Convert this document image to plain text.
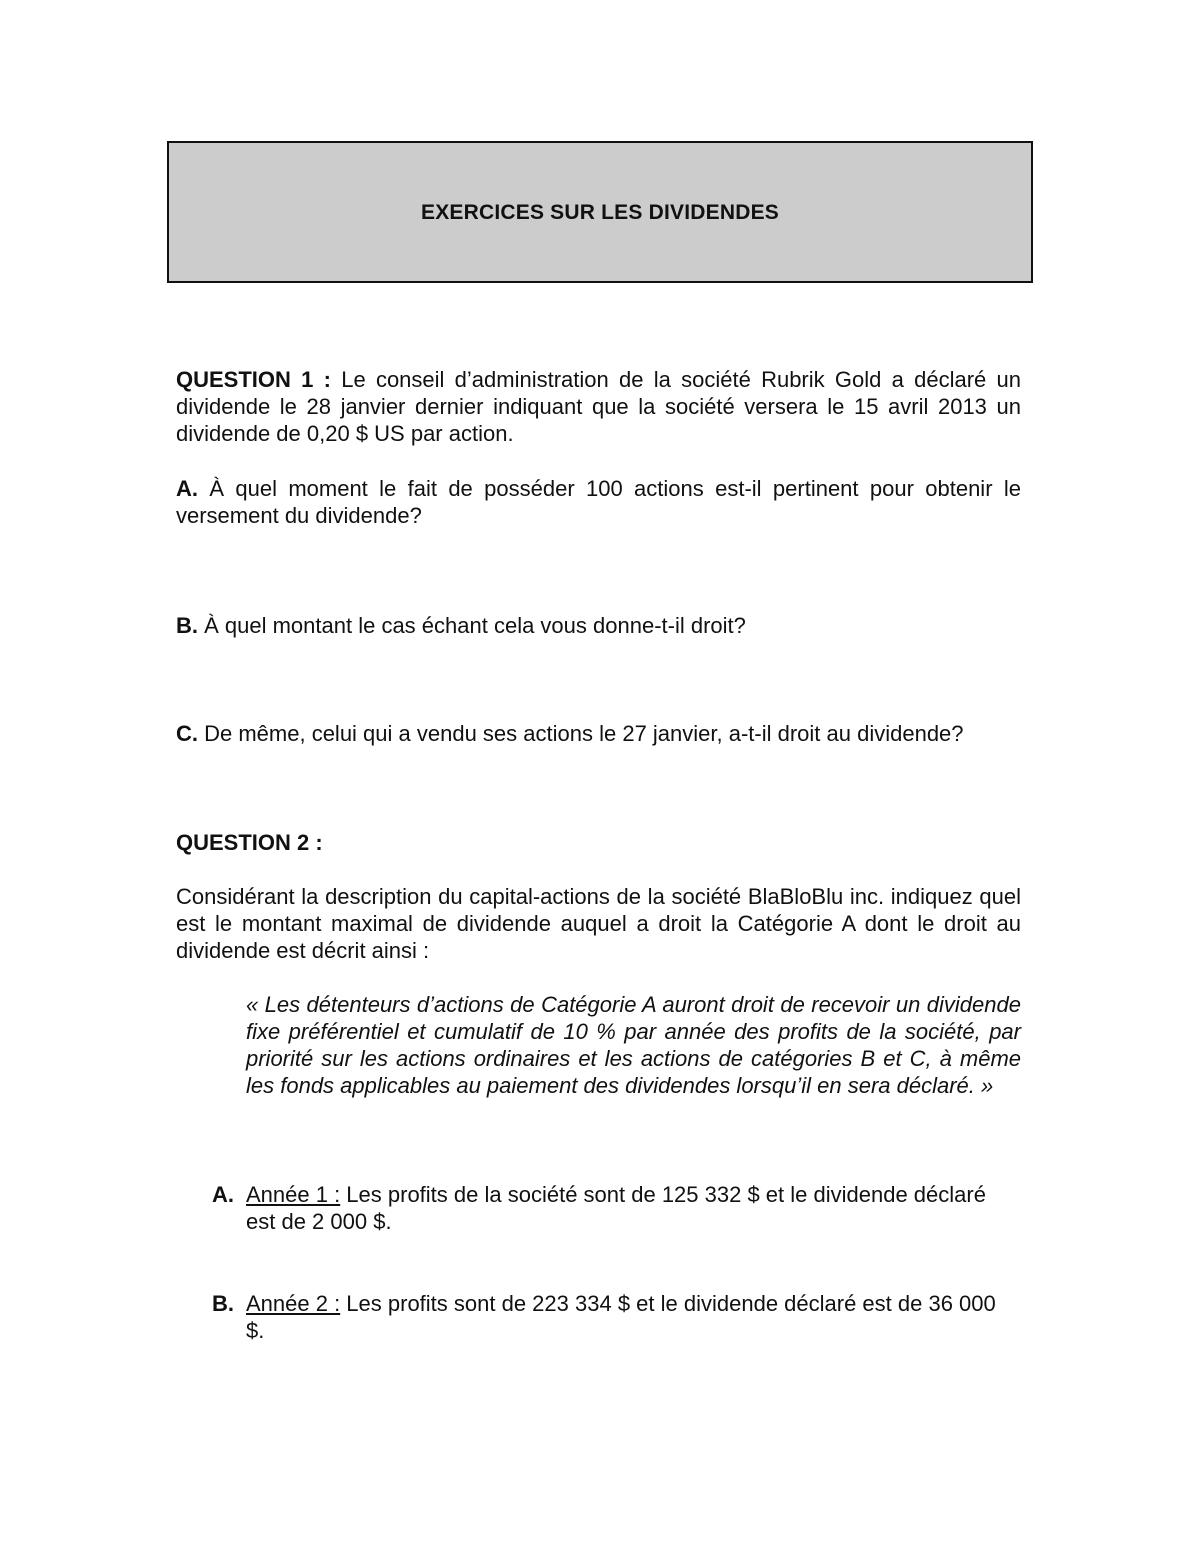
EXERCICES SUR LES DIVIDENDES
QUESTION 1 : Le conseil d’administration de la société Rubrik Gold a déclaré un dividende le 28 janvier dernier indiquant que la société versera le 15 avril 2013 un dividende de 0,20 $ US par action.
A. À quel moment le fait de posséder 100 actions est-il pertinent pour obtenir le versement du dividende?
B. À quel montant le cas échant cela vous donne-t-il droit?
C. De même, celui qui a vendu ses actions le 27 janvier, a-t-il droit au dividende?
QUESTION 2 :
Considérant la description du capital-actions de la société BlaBloBlu inc. indiquez quel est le montant maximal de dividende auquel a droit la Catégorie A dont le droit au dividende est décrit ainsi :
« Les détenteurs d’actions de Catégorie A auront droit de recevoir un dividende fixe préférentiel et cumulatif de 10 % par année des profits de la société, par priorité sur les actions ordinaires et les actions de catégories B et C, à même les fonds applicables au paiement des dividendes lorsqu’il en sera déclaré. »
A. Année 1 : Les profits de la société sont de 125 332 $ et le dividende déclaré est de 2 000 $.
B. Année 2 : Les profits sont de 223 334 $ et le dividende déclaré est de 36 000 $.
